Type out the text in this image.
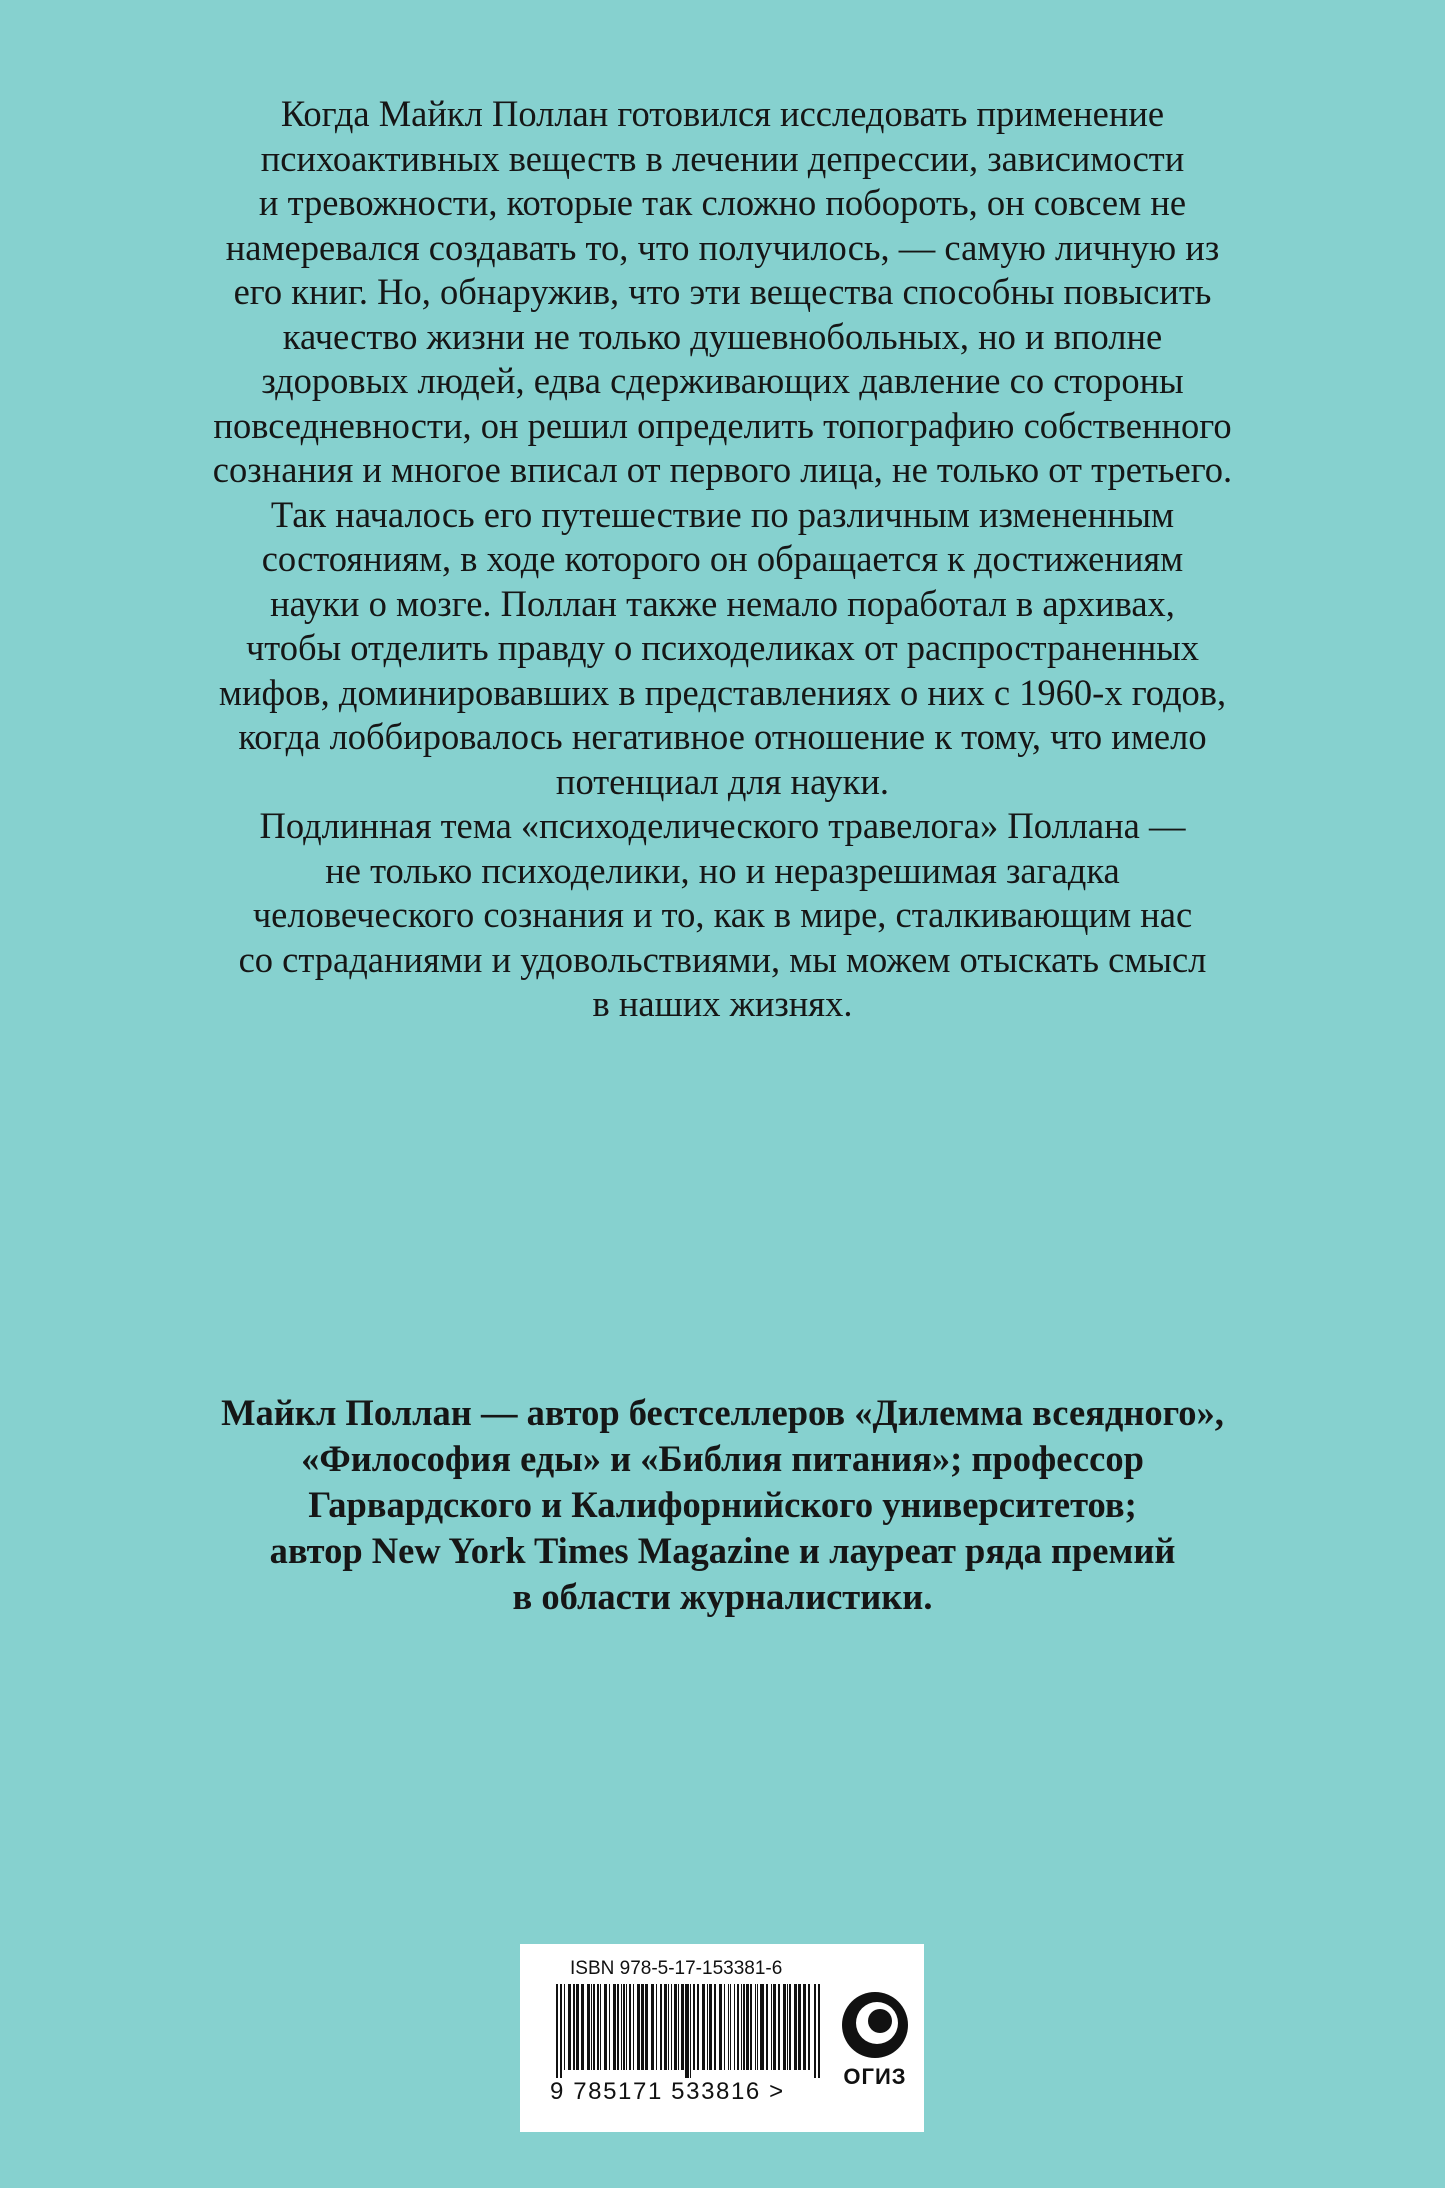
Когда Майкл Поллан готовился исследовать применение
психоактивных веществ в лечении депрессии, зависимости
и тревожности, которые так сложно побороть, он совсем не
намеревался создавать то, что получилось, — самую личную из
его книг. Но, обнаружив, что эти вещества способны повысить
качество жизни не только душевнобольных, но и вполне
здоровых людей, едва сдерживающих давление со стороны
повседневности, он решил определить топографию собственного
сознания и многое вписал от первого лица, не только от третьего.
Так началось его путешествие по различным измененным
состояниям, в ходе которого он обращается к достижениям
науки о мозге. Поллан также немало поработал в архивах,
чтобы отделить правду о психоделиках от распространенных
мифов, доминировавших в представлениях о них с 1960-х годов,
когда лоббировалось негативное отношение к тому, что имело
потенциал для науки.
Подлинная тема «психоделического травелога» Поллана —
не только психоделики, но и неразрешимая загадка
человеческого сознания и то, как в мире, сталкивающим нас
со страданиями и удовольствиями, мы можем отыскать смысл
в наших жизнях.
Майкл Поллан — автор бестселлеров «Дилемма всеядного»,
«Философия еды» и «Библия питания»; профессор
Гарвардского и Калифорнийского университетов;
автор New York Times Magazine и лауреат ряда премий
в области журналистики.
ISBN 978-5-17-153381-6
9 785171 533816 >
ОГИЗ
